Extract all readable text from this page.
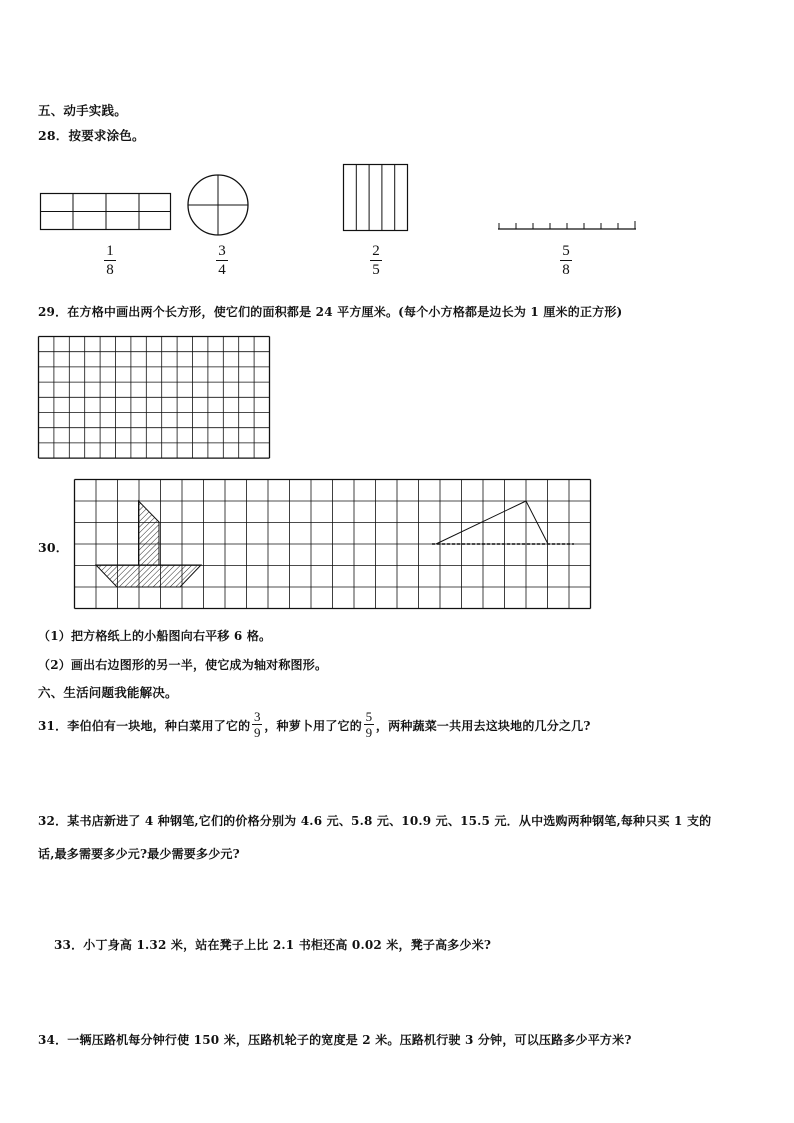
五、动手实践。
28．按要求涂色。
1
8
3
4
2
5
5
8
29．在方格中画出两个长方形，使它们的面积都是 24 平方厘米。(每个小方格都是边长为 1 厘米的正方形)
30．
（1）把方格纸上的小船图向右平移 6 格。
（2）画出右边图形的另一半，使它成为轴对称图形。
六、生活问题我能解决。
31．李伯伯有一块地，种白菜用了它的 $\frac{3}{9}$ ，种萝卜用了它的 $\frac{5}{9}$ ，两种蔬菜一共用去这块地的几分之几?
32．某书店新进了 4 种钢笔,它们的价格分别为 4.6 元、5.8 元、10.9 元、15.5 元．从中选购两种钢笔,每种只买 1 支的
话,最多需要多少元?最少需要多少元?
33．小丁身高 1.32 米，站在凳子上比 2.1 书柜还高 0.02 米，凳子高多少米?
34．一辆压路机每分钟行使 150 米，压路机轮子的宽度是 2 米。压路机行驶 3 分钟，可以压路多少平方米?
